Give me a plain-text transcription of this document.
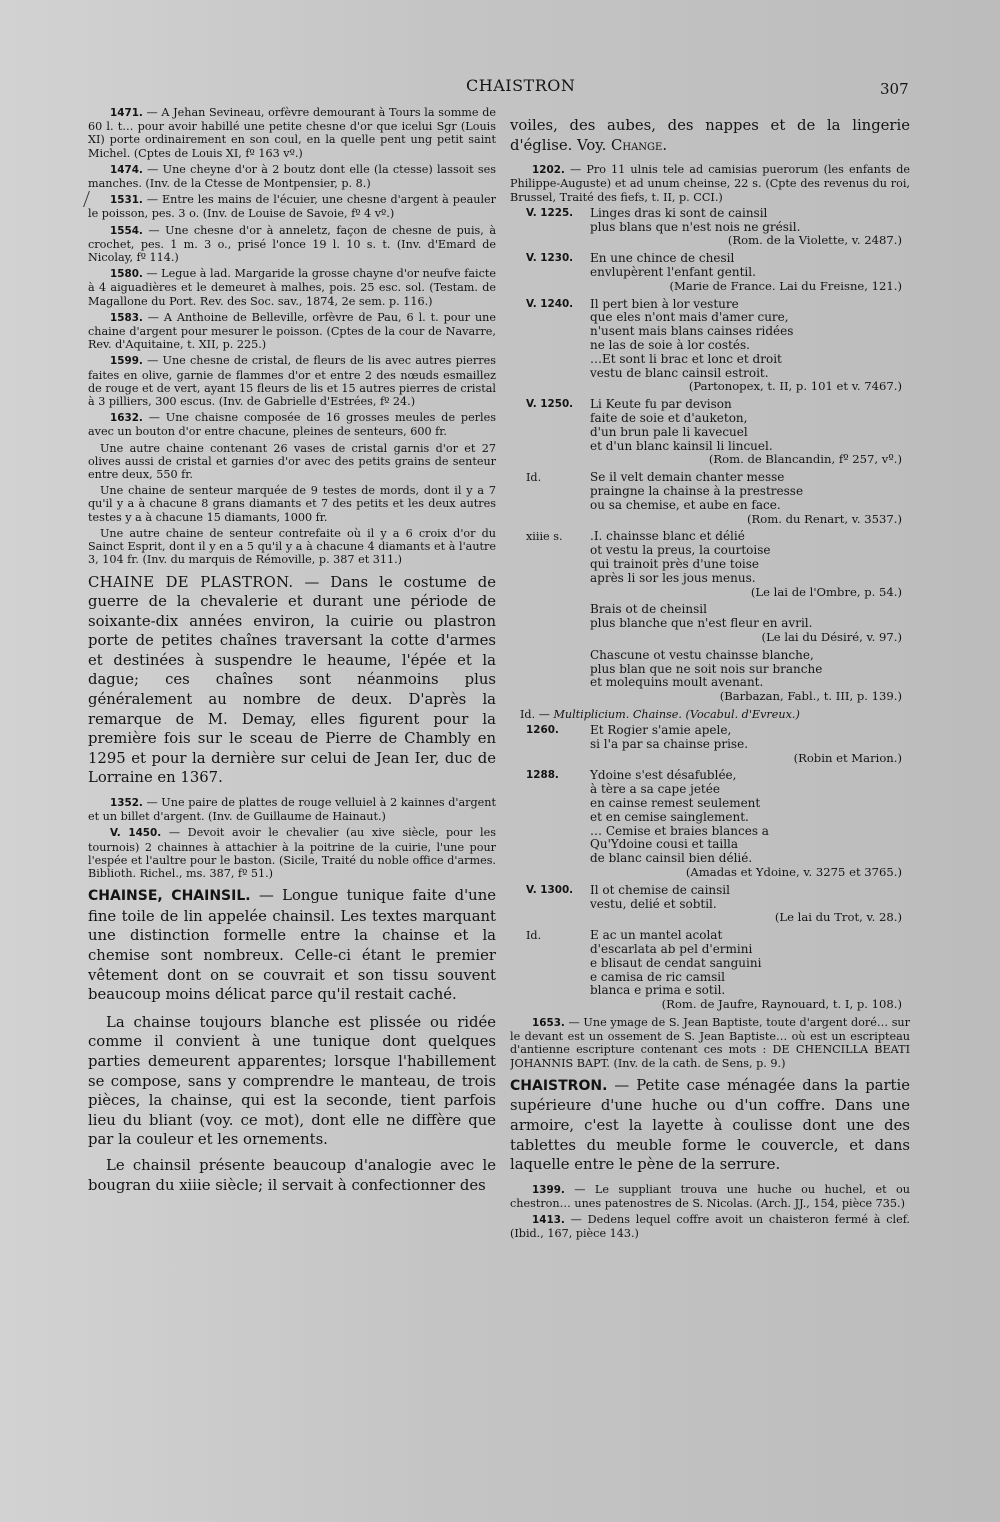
CHAISTRON	307

1471. — A Jehan Sevineau, orfèvre demourant à Tours la somme de 60 l. t… pour avoir habillé une petite chesne d'or que icelui Sgr (Louis XI) porte ordinairement en son coul, en la quelle pent ung petit saint Michel. (Cptes de Louis XI, fº 163 vº.)

1474. — Une cheyne d'or à 2 boutz dont elle (la ctesse) lassoit ses manches. (Inv. de la Ctesse de Montpensier, p. 8.)

1531. — Entre les mains de l'écuier, une chesne d'argent à peauler le poisson, pes. 3 o. (Inv. de Louise de Savoie, fº 4 vº.)

1554. — Une chesne d'or à anneletz, façon de chesne de puis, à crochet, pes. 1 m. 3 o., prisé l'once 19 l. 10 s. t. (Inv. d'Emard de Nicolay, fº 114.)

1580. — Legue à lad. Margaride la grosse chayne d'or neufve faicte à 4 aiguadières et le demeuret à malhes, pois. 25 esc. sol. (Testam. de Magallone du Port. Rev. des Soc. sav., 1874, 2e sem. p. 116.)

1583. — A Anthoine de Belleville, orfèvre de Pau, 6 l. t. pour une chaine d'argent pour mesurer le poisson. (Cptes de la cour de Navarre, Rev. d'Aquitaine, t. XII, p. 225.)

1599. — Une chesne de cristal, de fleurs de lis avec autres pierres faites en olive, garnie de flammes d'or et entre 2 des nœuds esmaillez de rouge et de vert, ayant 15 fleurs de lis et 15 autres pierres de cristal à 3 pilliers, 300 escus. (Inv. de Gabrielle d'Estrées, fº 24.)

1632. — Une chaisne composée de 16 grosses meules de perles avec un bouton d'or entre chacune, pleines de senteurs, 600 fr.

Une autre chaine contenant 26 vases de cristal garnis d'or et 27 olives aussi de cristal et garnies d'or avec des petits grains de senteur entre deux, 550 fr.

Une chaine de senteur marquée de 9 testes de mords, dont il y a 7 qu'il y a à chacune 8 grans diamants et 7 des petits et les deux autres testes y a à chacune 15 diamants, 1000 fr.

Une autre chaine de senteur contrefaite où il y a 6 croix d'or du Sainct Esprit, dont il y en a 5 qu'il y a à chacune 4 diamants et à l'autre 3, 104 fr. (Inv. du marquis de Rémoville, p. 387 et 311.)

CHAINE DE PLASTRON. — Dans le costume de guerre de la chevalerie et durant une période de soixante-dix années environ, la cuirie ou plastron porte de petites chaînes traversant la cotte d'armes et destinées à suspendre le heaume, l'épée et la dague; ces chaînes sont néanmoins plus généralement au nombre de deux. D'après la remarque de M. Demay, elles figurent pour la première fois sur le sceau de Pierre de Chambly en 1295 et pour la dernière sur celui de Jean Ier, duc de Lorraine en 1367.

1352. — Une paire de plattes de rouge velluiel à 2 kainnes d'argent et un billet d'argent. (Inv. de Guillaume de Hainaut.)

V. 1450. — Devoit avoir le chevalier (au xive siècle, pour les tournois) 2 chainnes à attachier à la poitrine de la cuirie, l'une pour l'espée et l'aultre pour le baston. (Sicile, Traité du noble office d'armes. Biblioth. Richel., ms. 387, fº 51.)

CHAINSE, CHAINSIL. — Longue tunique faite d'une fine toile de lin appelée chainsil. Les textes marquant une distinction formelle entre la chainse et la chemise sont nombreux. Celle-ci étant le premier vêtement dont on se couvrait et son tissu souvent beaucoup moins délicat parce qu'il restait caché.

La chainse toujours blanche est plissée ou ridée comme il convient à une tunique dont quelques parties demeurent apparentes; lorsque l'habillement se compose, sans y comprendre le manteau, de trois pièces, la chainse, qui est la seconde, tient parfois lieu du bliant (voy. ce mot), dont elle ne diffère que par la couleur et les ornements.

Le chainsil présente beaucoup d'analogie avec le bougran du xiiie siècle; il servait à confectionner des

voiles, des aubes, des nappes et de la lingerie d'église. Voy. Change.

1202. — Pro 11 ulnis tele ad camisias puerorum (les enfants de Philippe-Auguste) et ad unum cheinse, 22 s. (Cpte des revenus du roi, Brussel, Traité des fiefs, t. II, p. CCI.)

V. 1225.	Linges dras ki sont de cainsil
plus blans que n'est nois ne grésil.
(Rom. de la Violette, v. 2487.)
V. 1230.	En une chince de chesil
envlupèrent l'enfant gentil.
(Marie de France. Lai du Freisne, 121.)
V. 1240.	Il pert bien à lor vesture
que eles n'ont mais d'amer cure,
n'usent mais blans cainses ridées
ne las de soie à lor costés.
…Et sont li brac et lonc et droit
vestu de blanc cainsil estroit.
(Partonopex, t. II, p. 101 et v. 7467.)
V. 1250.	Li Keute fu par devison
faite de soie et d'auketon,
d'un brun pale li kavecuel
et d'un blanc kainsil li lincuel.
(Rom. de Blancandin, fº 257, vº.)
Id.	Se il velt demain chanter messe
praingne la chainse à la prestresse
ou sa chemise, et aube en face.
(Rom. du Renart, v. 3537.)
xiiie s.	.I. chainsse blanc et délié
ot vestu la preus, la courtoise
qui trainoit près d'une toise
après li sor les jous menus.
(Le lai de l'Ombre, p. 54.)
Brais ot de cheinsil
plus blanche que n'est fleur en avril.
(Le lai du Désiré, v. 97.)
Chascune ot vestu chainsse blanche,
plus blan que ne soit nois sur branche
et molequins moult avenant.
(Barbazan, Fabl., t. III, p. 139.)

Id. — Multiplicium. Chainse. (Vocabul. d'Evreux.)

1260.	Et Rogier s'amie apele,
si l'a par sa chainse prise.
(Robin et Marion.)
1288.	Ydoine s'est désafublée,
à tère a sa cape jetée
en cainse remest seulement
et en cemise sainglement.
… Cemise et braies blances a
Qu'Ydoine cousi et tailla
de blanc cainsil bien délié.
(Amadas et Ydoine, v. 3275 et 3765.)
V. 1300.	Il ot chemise de cainsil
vestu, delié et sobtil.
(Le lai du Trot, v. 28.)
Id.	E ac un mantel acolat
d'escarlata ab pel d'ermini
e blisaut de cendat sanguini
e camisa de ric camsil
blanca e prima e sotil.
(Rom. de Jaufre, Raynouard, t. I, p. 108.)

1653. — Une ymage de S. Jean Baptiste, toute d'argent doré… sur le devant est un ossement de S. Jean Baptiste… où est un escripteau d'antienne escripture contenant ces mots : DE CHENCILLA BEATI JOHANNIS BAPT. (Inv. de la cath. de Sens, p. 9.)

CHAISTRON. — Petite case ménagée dans la partie supérieure d'une huche ou d'un coffre. Dans une armoire, c'est la layette à coulisse dont une des tablettes du meuble forme le couvercle, et dans laquelle entre le pène de la serrure.

1399. — Le suppliant trouva une huche ou huchel, et ou chestron… unes patenostres de S. Nicolas. (Arch. JJ., 154, pièce 735.)

1413. — Dedens lequel coffre avoit un chaisteron fermé à clef. (Ibid., 167, pièce 143.)
